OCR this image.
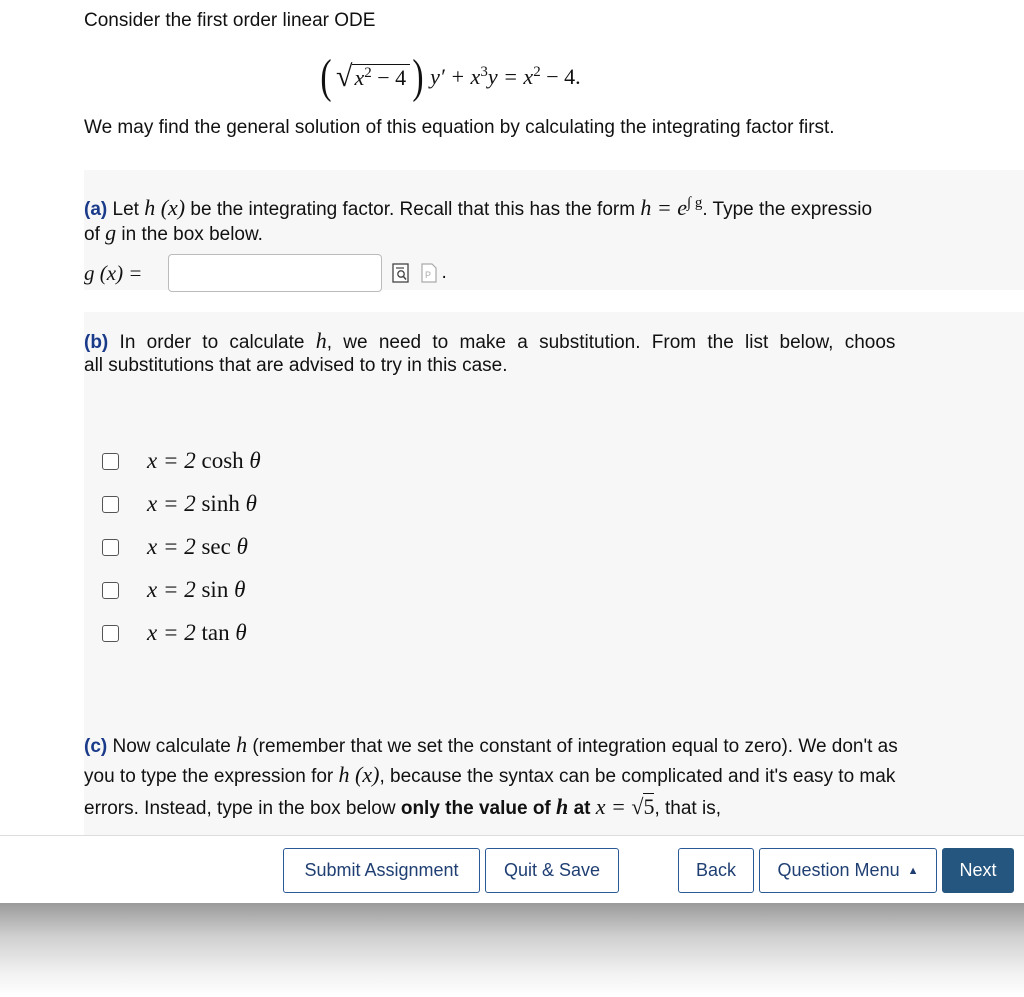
Consider the first order linear ODE
( √ $x^2 - 4$ ) $y' + x^3y = x^2 - 4$.
We may find the general solution of this equation by calculating the integrating factor first.
(a) Let h (x) be the integrating factor. Recall that this has the form $h = e^{\int g}$. Type the expressio
of g in the box below.
g (x) =	P .
(b) In order to calculate h, we need to make a substitution. From the list below, choos
all substitutions that are advised to try in this case.
x = 2 cosh θ
x = 2 sinh θ
x = 2 sec θ
x = 2 sin θ
x = 2 tan θ
(c) Now calculate h (remember that we set the constant of integration equal to zero). We don't as
you to type the expression for h (x), because the syntax can be complicated and it's easy to mak
errors. Instead, type in the box below only the value of h at x = √5, that is,
Submit Assignment	Quit & Save	Back	Question Menu ▲	Next
